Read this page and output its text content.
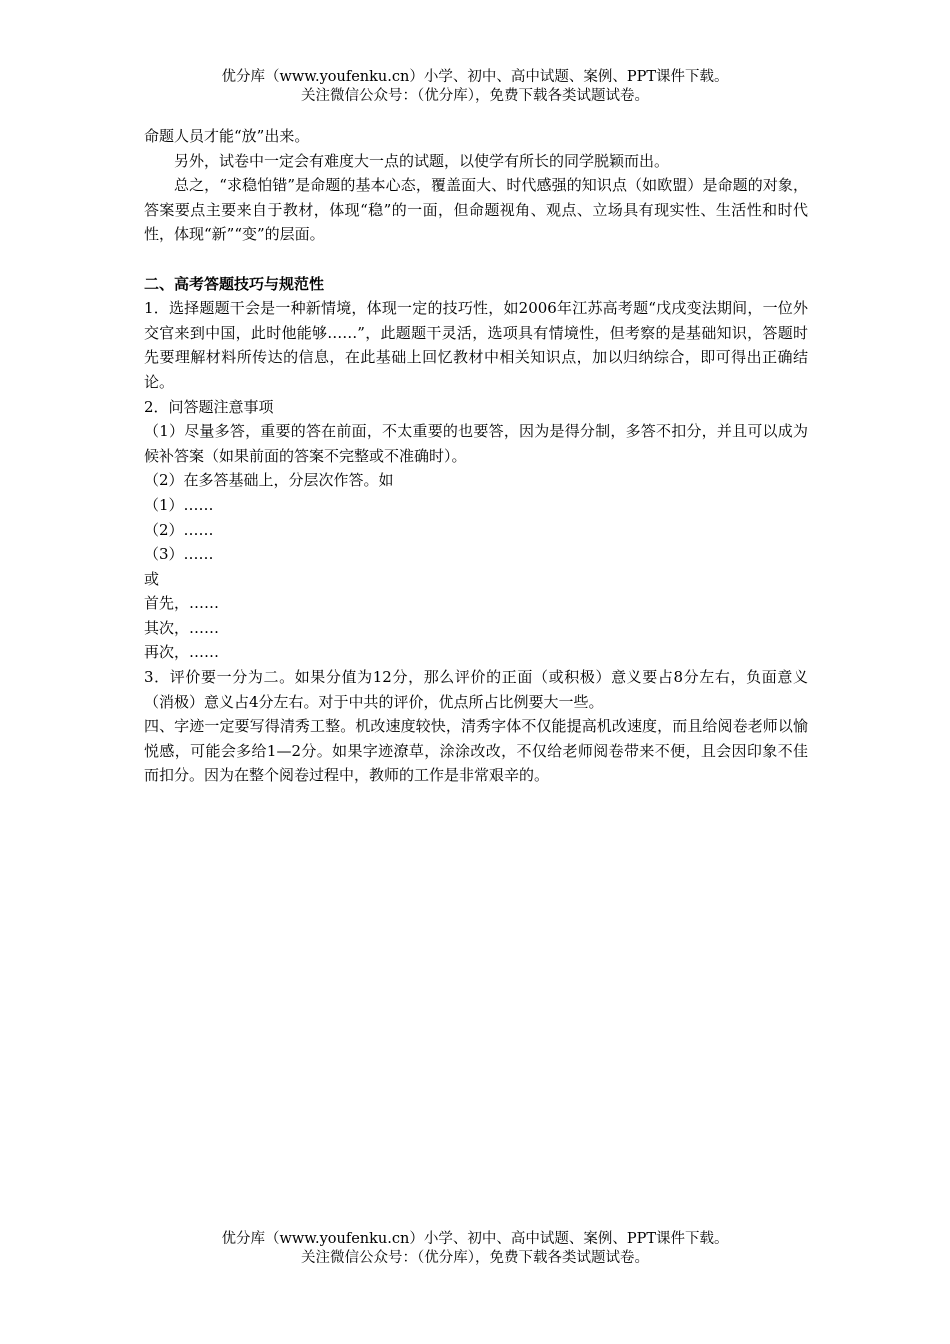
优分库（www.youfenku.cn）小学、初中、高中试题、案例、PPT课件下载。
关注微信公众号：（优分库），免费下载各类试题试卷。

命题人员才能“放”出来。

另外，试卷中一定会有难度大一点的试题，以使学有所长的同学脱颖而出。

总之，“求稳怕错”是命题的基本心态，覆盖面大、时代感强的知识点（如欧盟）是命题的对象，答案要点主要来自于教材，体现“稳”的一面，但命题视角、观点、立场具有现实性、生活性和时代性，体现“新”“变”的层面。

二、高考答题技巧与规范性

1．选择题题干会是一种新情境，体现一定的技巧性，如2006年江苏高考题“戊戌变法期间，一位外交官来到中国，此时他能够……”，此题题干灵活，选项具有情境性，但考察的是基础知识，答题时先要理解材料所传达的信息，在此基础上回忆教材中相关知识点，加以归纳综合，即可得出正确结论。

2．问答题注意事项

（1）尽量多答，重要的答在前面，不太重要的也要答，因为是得分制，多答不扣分，并且可以成为候补答案（如果前面的答案不完整或不准确时）。

（2）在多答基础上，分层次作答。如

（1）……

（2）……

（3）……

或

首先，……

其次，……

再次，……

3．评价要一分为二。如果分值为12分，那么评价的正面（或积极）意义要占8分左右，负面意义（消极）意义占4分左右。对于中共的评价，优点所占比例要大一些。

四、字迹一定要写得清秀工整。机改速度较快，清秀字体不仅能提高机改速度，而且给阅卷老师以愉悦感，可能会多给1—2分。如果字迹潦草，涂涂改改，不仅给老师阅卷带来不便，且会因印象不佳而扣分。因为在整个阅卷过程中，教师的工作是非常艰辛的。

优分库（www.youfenku.cn）小学、初中、高中试题、案例、PPT课件下载。
关注微信公众号：（优分库），免费下载各类试题试卷。
